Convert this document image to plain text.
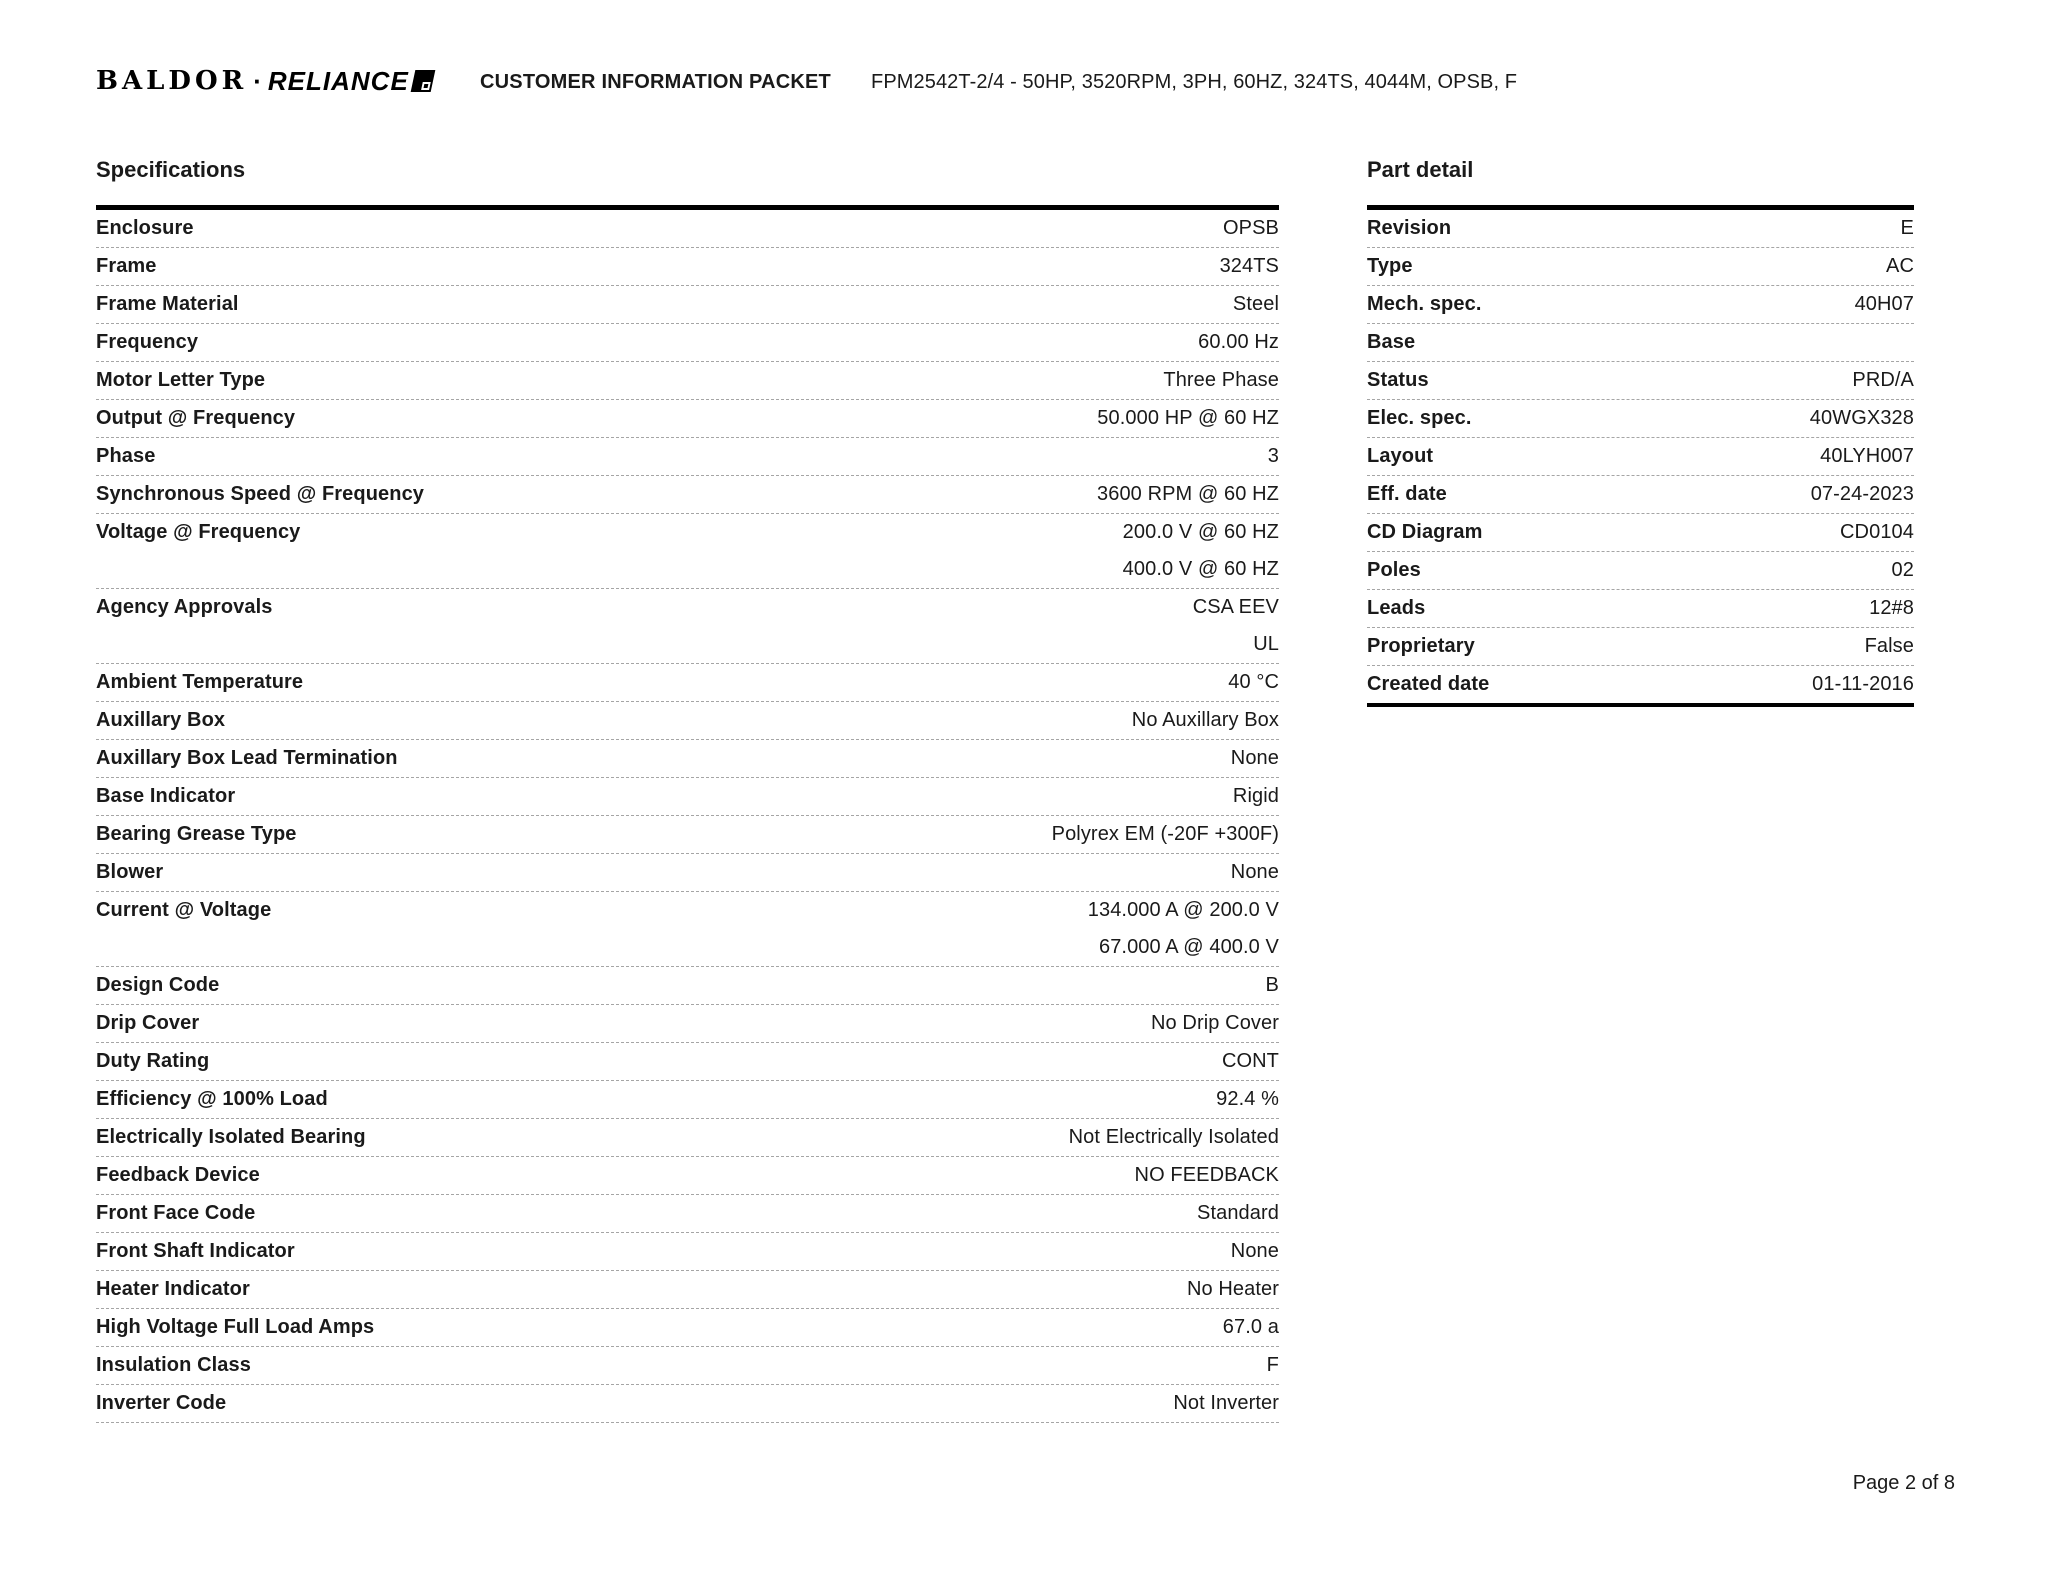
BALDOR · RELIANCE	CUSTOMER INFORMATION PACKET FPM2542T-2/4 - 50HP, 3520RPM, 3PH, 60HZ, 324TS, 4044M, OPSB, F
Specifications
Enclosure	OPSB
Frame	324TS
Frame Material	Steel
Frequency	60.00 Hz
Motor Letter Type	Three Phase
Output @ Frequency	50.000 HP @ 60 HZ
Phase	3
Synchronous Speed @ Frequency	3600 RPM @ 60 HZ
Voltage @ Frequency	200.0 V @ 60 HZ
400.0 V @ 60 HZ
Agency Approvals	CSA EEV
UL
Ambient Temperature	40 °C
Auxillary Box	No Auxillary Box
Auxillary Box Lead Termination	None
Base Indicator	Rigid
Bearing Grease Type	Polyrex EM (-20F +300F)
Blower	None
Current @ Voltage	134.000 A @ 200.0 V
67.000 A @ 400.0 V
Design Code	B
Drip Cover	No Drip Cover
Duty Rating	CONT
Efficiency @ 100% Load	92.4 %
Electrically Isolated Bearing	Not Electrically Isolated
Feedback Device	NO FEEDBACK
Front Face Code	Standard
Front Shaft Indicator	None
Heater Indicator	No Heater
High Voltage Full Load Amps	67.0 a
Insulation Class	F
Inverter Code	Not Inverter
Part detail
Revision	E
Type	AC
Mech. spec.	40H07
Base
Status	PRD/A
Elec. spec.	40WGX328
Layout	40LYH007
Eff. date	07-24-2023
CD Diagram	CD0104
Poles	02
Leads	12#8
Proprietary	False
Created date	01-11-2016
Page 2 of 8
